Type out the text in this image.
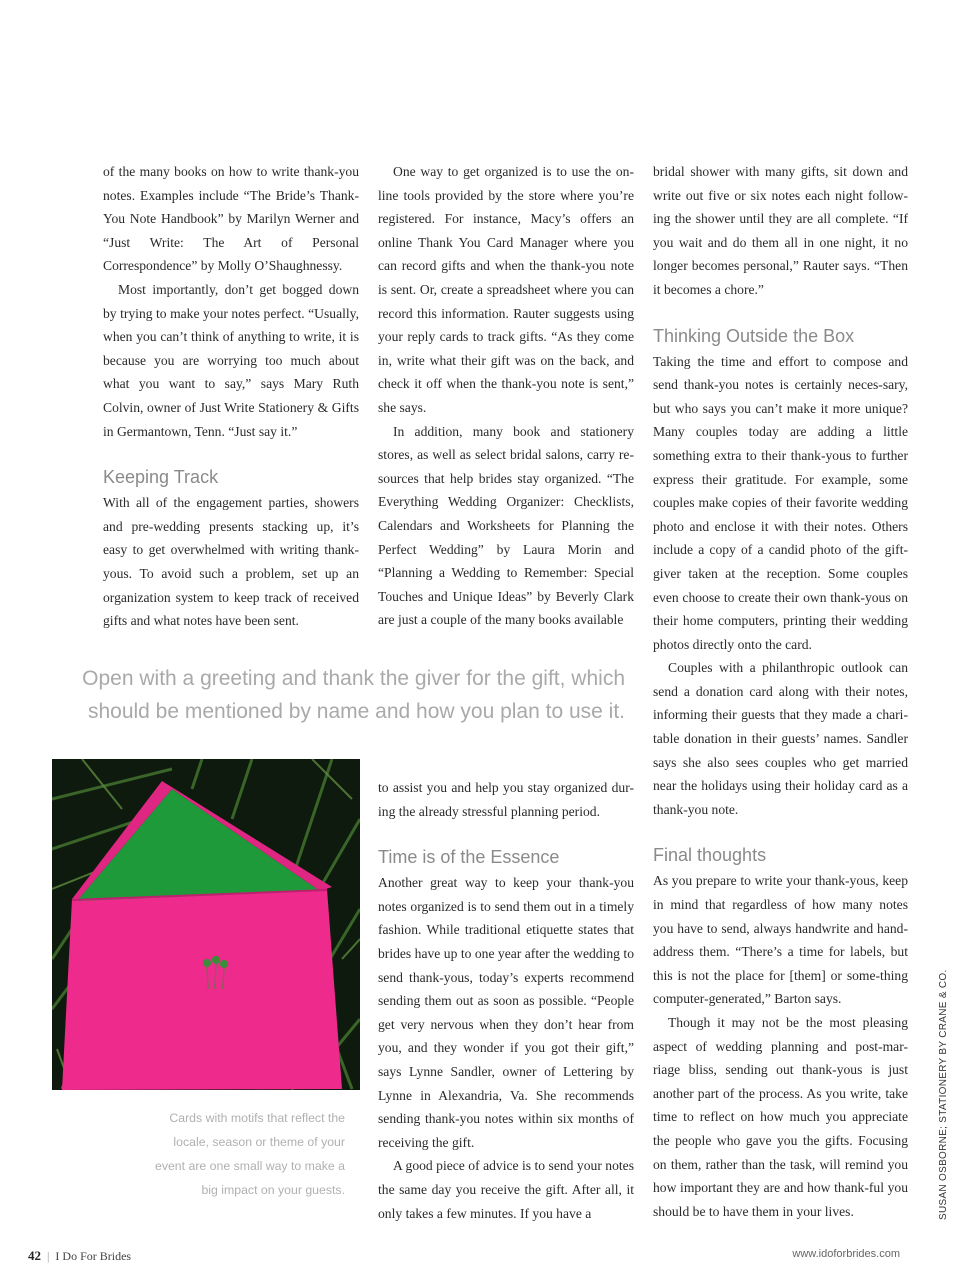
of the many books on how to write thank-you notes. Examples include “The Bride’s Thank-You Note Handbook” by Marilyn Werner and “Just Write: The Art of Personal Correspondence” by Molly O’Shaughnessy.

Most importantly, don’t get bogged down by trying to make your notes perfect. “Usually, when you can’t think of anything to write, it is because you are worrying too much about what you want to say,” says Mary Ruth Colvin, owner of Just Write Stationery & Gifts in Germantown, Tenn. “Just say it.”

Keeping Track

With all of the engagement parties, showers and pre-wedding presents stacking up, it’s easy to get overwhelmed with writing thank-yous. To avoid such a problem, set up an organization system to keep track of received gifts and what notes have been sent.

One way to get organized is to use the on-line tools provided by the store where you’re registered. For instance, Macy’s offers an online Thank You Card Manager where you can record gifts and when the thank-you note is sent. Or, create a spreadsheet where you can record this information. Rauter suggests using your reply cards to track gifts. “As they come in, write what their gift was on the back, and check it off when the thank-you note is sent,” she says.

In addition, many book and stationery stores, as well as select bridal salons, carry re-sources that help brides stay organized. “The Everything Wedding Organizer: Checklists, Calendars and Worksheets for Planning the Perfect Wedding” by Laura Morin and “Planning a Wedding to Remember: Special Touches and Unique Ideas” by Beverly Clark are just a couple of the many books available

to assist you and help you stay organized dur-ing the already stressful planning period.

Time is of the Essence

Another great way to keep your thank-you notes organized is to send them out in a timely fashion. While traditional etiquette states that brides have up to one year after the wedding to send thank-yous, today’s experts recommend sending them out as soon as possible. “People get very nervous when they don’t hear from you, and they wonder if you got their gift,” says Lynne Sandler, owner of Lettering by Lynne in Alexandria, Va. She recommends sending thank-you notes within six months of receiving the gift.

A good piece of advice is to send your notes the same day you receive the gift. After all, it only takes a few minutes. If you have a

bridal shower with many gifts, sit down and write out five or six notes each night follow-ing the shower until they are all complete. “If you wait and do them all in one night, it no longer becomes personal,” Rauter says. “Then it becomes a chore.”

Thinking Outside the Box

Taking the time and effort to compose and send thank-you notes is certainly neces-sary, but who says you can’t make it more unique? Many couples today are adding a little something extra to their thank-yous to further express their gratitude. For example, some couples make copies of their favorite wedding photo and enclose it with their notes. Others include a copy of a candid photo of the gift-giver taken at the reception. Some couples even choose to create their own thank-yous on their home computers, printing their wedding photos directly onto the card.

Couples with a philanthropic outlook can send a donation card along with their notes, informing their guests that they made a chari-table donation in their guests’ names. Sandler says she also sees couples who get married near the holidays using their holiday card as a thank-you note.

Final thoughts

As you prepare to write your thank-yous, keep in mind that regardless of how many notes you have to send, always handwrite and hand-address them. “There’s a time for labels, but this is not the place for [them] or some-thing computer-generated,” Barton says.

Though it may not be the most pleasing aspect of wedding planning and post-mar-riage bliss, sending out thank-yous is just another part of the process. As you write, take time to reflect on how much you appreciate the people who gave you the gifts. Focusing on them, rather than the task, will remind you how important they are and how thank-ful you should be to have them in your lives.

Open with a greeting and thank the giver for the gift, which should be mentioned by name and how you plan to use it.
Cards with motifs that reflect the locale, season or theme of your event are one small way to make a big impact on your guests.	SUSAN OSBORNE; STATIONERY BY CRANE & CO.
42 | I Do For Brides	www.idoforbrides.com
